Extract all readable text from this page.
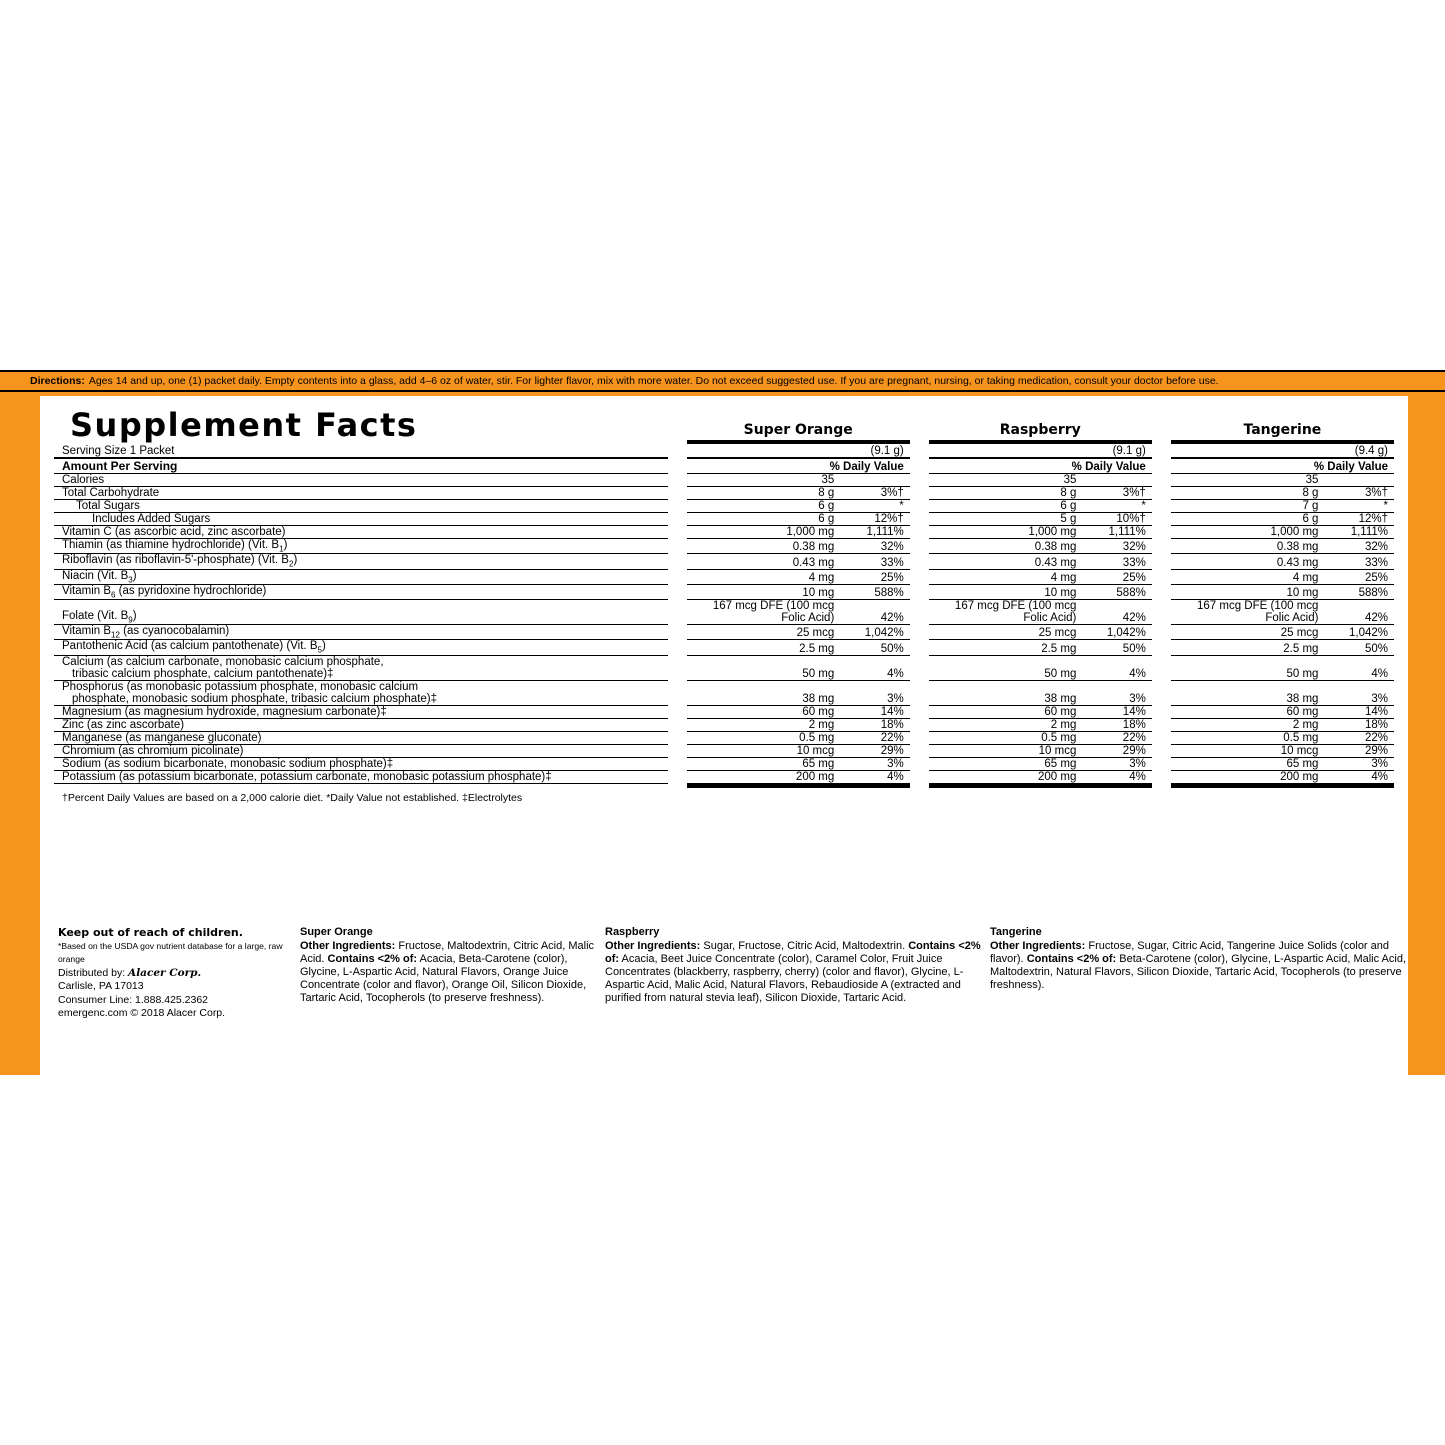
Directions: Ages 14 and up, one (1) packet daily. Empty contents into a glass, add 4–6 oz of water, stir. For lighter flavor, mix with more water. Do not exceed suggested use. If you are pregnant, nursing, or taking medication, consult your doctor before use.
Supplement Facts		Super Orange			Raspberry			Tangerine	

Serving Size 1 Packet		(9.1 g)			(9.1 g)			(9.4 g)	

Amount Per Serving		% Daily Value			% Daily Value			% Daily Value	

Calories		35			35			35	
Total Carbohydrate		8 g	3%†		8 g	3%†		8 g	3%†
Total Sugars		6 g	*		6 g	*		7 g	*
Includes Added Sugars		6 g	12%†		5 g	10%†		6 g	12%†
Vitamin C (as ascorbic acid, zinc ascorbate)		1,000 mg	1,111%		1,000 mg	1,111%		1,000 mg	1,111%
Thiamin (as thiamine hydrochloride) (Vit. $B_1$)		0.38 mg	32%		0.38 mg	32%		0.38 mg	32%
Riboflavin (as riboflavin-5'-phosphate) (Vit. $B_2$)		0.43 mg	33%		0.43 mg	33%		0.43 mg	33%
Niacin (Vit. $B_3$)		4 mg	25%		4 mg	25%		4 mg	25%
Vitamin $B_6$ (as pyridoxine hydrochloride)		10 mg	588%		10 mg	588%		10 mg	588%
Folate (Vit. $B_9$)		167 mcg DFE (100 mcg Folic Acid)	42%		167 mcg DFE (100 mcg Folic Acid)	42%		167 mcg DFE (100 mcg Folic Acid)	42%
Vitamin $B_{12}$ (as cyanocobalamin)		25 mcg	1,042%		25 mcg	1,042%		25 mcg	1,042%
Pantothenic Acid (as calcium pantothenate) (Vit. $B_5$)		2.5 mg	50%		2.5 mg	50%		2.5 mg	50%
Calcium (as calcium carbonate, monobasic calcium phosphate,
tribasic calcium phosphate, calcium pantothenate)‡		50 mg	4%		50 mg	4%		50 mg	4%
Phosphorus (as monobasic potassium phosphate, monobasic calcium
phosphate, monobasic sodium phosphate, tribasic calcium phosphate)‡		38 mg	3%		38 mg	3%		38 mg	3%
Magnesium (as magnesium hydroxide, magnesium carbonate)‡		60 mg	14%		60 mg	14%		60 mg	14%
Zinc (as zinc ascorbate)		2 mg	18%		2 mg	18%		2 mg	18%
Manganese (as manganese gluconate)		0.5 mg	22%		0.5 mg	22%		0.5 mg	22%
Chromium (as chromium picolinate)		10 mcg	29%		10 mcg	29%		10 mcg	29%
Sodium (as sodium bicarbonate, monobasic sodium phosphate)‡		65 mg	3%		65 mg	3%		65 mg	3%
Potassium (as potassium bicarbonate, potassium carbonate, monobasic potassium phosphate)‡		200 mg	4%		200 mg	4%		200 mg	4%

†Percent Daily Values are based on a 2,000 calorie diet. *Daily Value not established. ‡Electrolytes
Keep out of reach of children.
*Based on the USDA gov nutrient database for a large, raw orange
Distributed by: Alacer Corp.
Carlisle, PA 17013
Consumer Line: 1.888.425.2362
emergenc.com © 2018 Alacer Corp.
Super Orange
Other Ingredients: Fructose, Maltodextrin, Citric Acid, Malic Acid. Contains <2% of: Acacia, Beta-Carotene (color), Glycine, L-Aspartic Acid, Natural Flavors, Orange Juice Concentrate (color and flavor), Orange Oil, Silicon Dioxide, Tartaric Acid, Tocopherols (to preserve freshness).
Raspberry
Other Ingredients: Sugar, Fructose, Citric Acid, Maltodextrin. Contains <2% of: Acacia, Beet Juice Concentrate (color), Caramel Color, Fruit Juice Concentrates (blackberry, raspberry, cherry) (color and flavor), Glycine, L-Aspartic Acid, Malic Acid, Natural Flavors, Rebaudioside A (extracted and purified from natural stevia leaf), Silicon Dioxide, Tartaric Acid.
Tangerine
Other Ingredients: Fructose, Sugar, Citric Acid, Tangerine Juice Solids (color and flavor). Contains <2% of: Beta-Carotene (color), Glycine, L-Aspartic Acid, Malic Acid, Maltodextrin, Natural Flavors, Silicon Dioxide, Tartaric Acid, Tocopherols (to preserve freshness).
